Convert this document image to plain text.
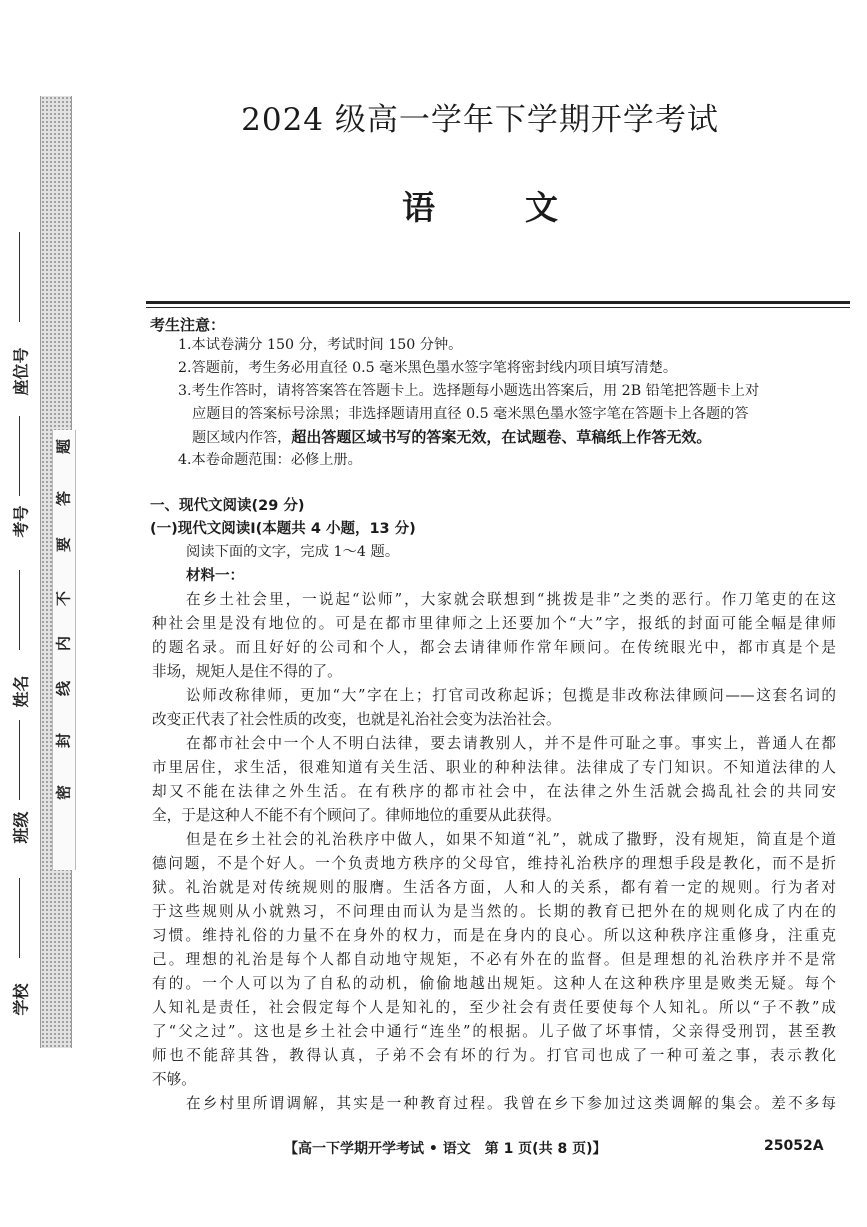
题
答
要
不
内
线
封
密
座位号
考号
姓名
班级
学校
2024 级高一学年下学期开学考试
语文
考生注意：
1.本试卷满分 150 分，考试时间 150 分钟。
2.答题前，考生务必用直径 0.5 毫米黑色墨水签字笔将密封线内项目填写清楚。
3.考生作答时，请将答案答在答题卡上。选择题每小题选出答案后，用 2B 铅笔把答题卡上对
应题目的答案标号涂黑；非选择题请用直径 0.5 毫米黑色墨水签字笔在答题卡上各题的答
题区域内作答，超出答题区域书写的答案无效，在试题卷、草稿纸上作答无效。
4.本卷命题范围：必修上册。
一、现代文阅读(29 分)
(一)现代文阅读Ⅰ(本题共 4 小题，13 分)
阅读下面的文字，完成 1～4 题。
材料一：
在乡土社会里，一说起“讼师”，大家就会联想到“挑拨是非”之类的恶行。作刀笔吏的在这
种社会里是没有地位的。可是在都市里律师之上还要加个“大”字，报纸的封面可能全幅是律师
的题名录。而且好好的公司和个人，都会去请律师作常年顾问。在传统眼光中，都市真是个是
非场，规矩人是住不得的了。
讼师改称律师，更加“大”字在上；打官司改称起诉；包揽是非改称法律顾问——这套名词的
改变正代表了社会性质的改变，也就是礼治社会变为法治社会。
在都市社会中一个人不明白法律，要去请教别人，并不是件可耻之事。事实上，普通人在都
市里居住，求生活，很难知道有关生活、职业的种种法律。法律成了专门知识。不知道法律的人
却又不能在法律之外生活。在有秩序的都市社会中，在法律之外生活就会捣乱社会的共同安
全，于是这种人不能不有个顾问了。律师地位的重要从此获得。
但是在乡土社会的礼治秩序中做人，如果不知道“礼”，就成了撒野，没有规矩，简直是个道
德问题，不是个好人。一个负责地方秩序的父母官，维持礼治秩序的理想手段是教化，而不是折
狱。礼治就是对传统规则的服膺。生活各方面，人和人的关系，都有着一定的规则。行为者对
于这些规则从小就熟习，不问理由而认为是当然的。长期的教育已把外在的规则化成了内在的
习惯。维持礼俗的力量不在身外的权力，而是在身内的良心。所以这种秩序注重修身，注重克
己。理想的礼治是每个人都自动地守规矩，不必有外在的监督。但是理想的礼治秩序并不是常
有的。一个人可以为了自私的动机，偷偷地越出规矩。这种人在这种秩序里是败类无疑。每个
人知礼是责任，社会假定每个人是知礼的，至少社会有责任要使每个人知礼。所以“子不教”成
了“父之过”。这也是乡土社会中通行“连坐”的根据。儿子做了坏事情，父亲得受刑罚，甚至教
师也不能辞其咎，教得认真，子弟不会有坏的行为。打官司也成了一种可羞之事，表示教化
不够。
在乡村里所谓调解，其实是一种教育过程。我曾在乡下参加过这类调解的集会。差不多每
【高一下学期开学考试 • 语文　第 1 页(共 8 页)】	25052A
